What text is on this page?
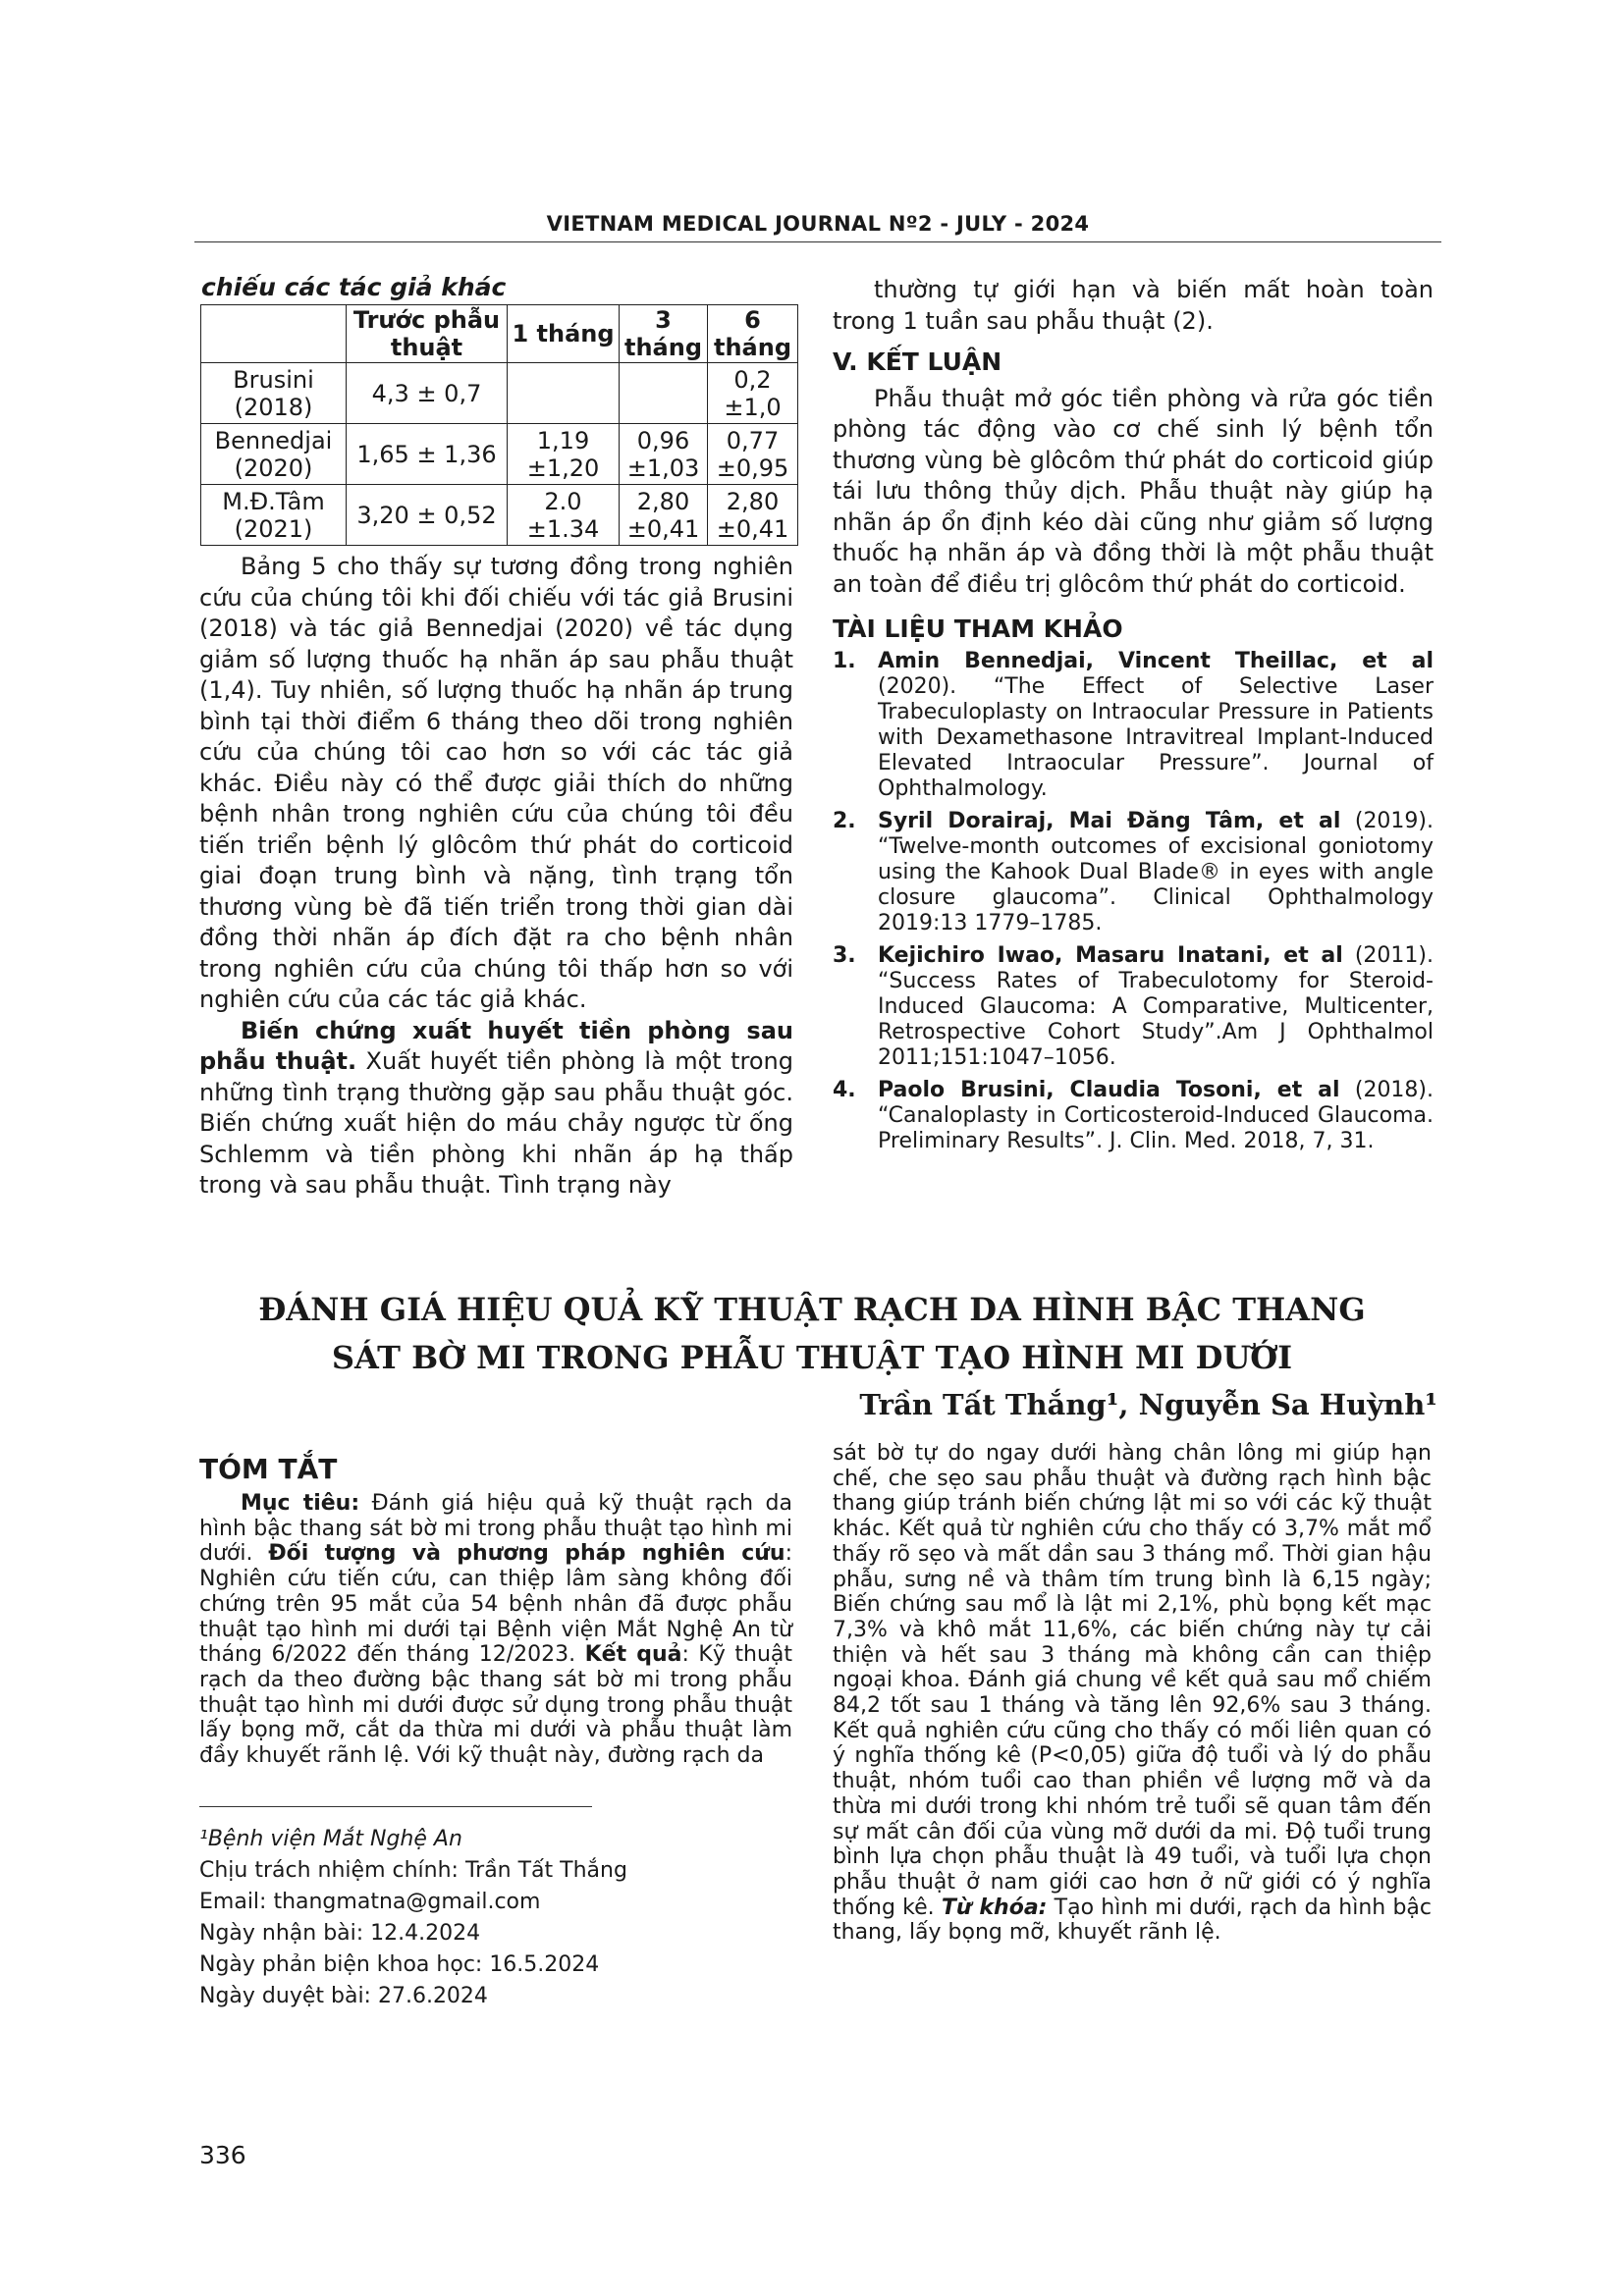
VIETNAM MEDICAL JOURNAL Nº2 - JULY - 2024
chiếu các tác giả khác
	Trước phẫu thuật	1 tháng	3 tháng	6 tháng
Brusini (2018)	4,3 ± 0,7			0,2 ±1,0
Bennedjai (2020)	1,65 ± 1,36	1,19 ±1,20	0,96 ±1,03	0,77 ±0,95
M.Đ.Tâm (2021)	3,20 ± 0,52	2.0 ±1.34	2,80 ±0,41	2,80 ±0,41

Bảng 5 cho thấy sự tương đồng trong nghiên cứu của chúng tôi khi đối chiếu với tác giả Brusini (2018) và tác giả Bennedjai (2020) về tác dụng giảm số lượng thuốc hạ nhãn áp sau phẫu thuật (1,4). Tuy nhiên, số lượng thuốc hạ nhãn áp trung bình tại thời điểm 6 tháng theo dõi trong nghiên cứu của chúng tôi cao hơn so với các tác giả khác. Điều này có thể được giải thích do những bệnh nhân trong nghiên cứu của chúng tôi đều tiến triển bệnh lý glôcôm thứ phát do corticoid giai đoạn trung bình và nặng, tình trạng tổn thương vùng bè đã tiến triển trong thời gian dài đồng thời nhãn áp đích đặt ra cho bệnh nhân trong nghiên cứu của chúng tôi thấp hơn so với nghiên cứu của các tác giả khác.

Biến chứng xuất huyết tiền phòng sau phẫu thuật. Xuất huyết tiền phòng là một trong những tình trạng thường gặp sau phẫu thuật góc. Biến chứng xuất hiện do máu chảy ngược từ ống Schlemm và tiền phòng khi nhãn áp hạ thấp trong và sau phẫu thuật. Tình trạng này

thường tự giới hạn và biến mất hoàn toàn trong 1 tuần sau phẫu thuật (2).

V. KẾT LUẬN

Phẫu thuật mở góc tiền phòng và rửa góc tiền phòng tác động vào cơ chế sinh lý bệnh tổn thương vùng bè glôcôm thứ phát do corticoid giúp tái lưu thông thủy dịch. Phẫu thuật này giúp hạ nhãn áp ổn định kéo dài cũng như giảm số lượng thuốc hạ nhãn áp và đồng thời là một phẫu thuật an toàn để điều trị glôcôm thứ phát do corticoid.

TÀI LIỆU THAM KHẢO
1. Amin Bennedjai, Vincent Theillac, et al (2020). “The Effect of Selective Laser Trabeculoplasty on Intraocular Pressure in Patients with Dexamethasone Intravitreal Implant-Induced Elevated Intraocular Pressure”. Journal of Ophthalmology.
2. Syril Dorairaj, Mai Đăng Tâm, et al (2019). “Twelve-month outcomes of excisional goniotomy using the Kahook Dual Blade® in eyes with angle closure glaucoma”. Clinical Ophthalmology 2019:13 1779–1785.
3. Kejichiro Iwao, Masaru Inatani, et al (2011). “Success Rates of Trabeculotomy for Steroid-Induced Glaucoma: A Comparative, Multicenter, Retrospective Cohort Study”.Am J Ophthalmol 2011;151:1047–1056.
4. Paolo Brusini, Claudia Tosoni, et al (2018). “Canaloplasty in Corticosteroid-Induced Glaucoma. Preliminary Results”. J. Clin. Med. 2018, 7, 31.
ĐÁNH GIÁ HIỆU QUẢ KỸ THUẬT RẠCH DA HÌNH BẬC THANG
SÁT BỜ MI TRONG PHẪU THUẬT TẠO HÌNH MI DƯỚI
Trần Tất Thắng¹, Nguyễn Sa Huỳnh¹
TÓM TẮT

Mục tiêu: Đánh giá hiệu quả kỹ thuật rạch da hình bậc thang sát bờ mi trong phẫu thuật tạo hình mi dưới. Đối tượng và phương pháp nghiên cứu: Nghiên cứu tiến cứu, can thiệp lâm sàng không đối chứng trên 95 mắt của 54 bệnh nhân đã được phẫu thuật tạo hình mi dưới tại Bệnh viện Mắt Nghệ An từ tháng 6/2022 đến tháng 12/2023. Kết quả: Kỹ thuật rạch da theo đường bậc thang sát bờ mi trong phẫu thuật tạo hình mi dưới được sử dụng trong phẫu thuật lấy bọng mỡ, cắt da thừa mi dưới và phẫu thuật làm đầy khuyết rãnh lệ. Với kỹ thuật này, đường rạch da

sát bờ tự do ngay dưới hàng chân lông mi giúp hạn chế, che sẹo sau phẫu thuật và đường rạch hình bậc thang giúp tránh biến chứng lật mi so với các kỹ thuật khác. Kết quả từ nghiên cứu cho thấy có 3,7% mắt mổ thấy rõ sẹo và mất dần sau 3 tháng mổ. Thời gian hậu phẫu, sưng nề và thâm tím trung bình là 6,15 ngày; Biến chứng sau mổ là lật mi 2,1%, phù bọng kết mạc 7,3% và khô mắt 11,6%, các biến chứng này tự cải thiện và hết sau 3 tháng mà không cần can thiệp ngoại khoa. Đánh giá chung về kết quả sau mổ chiếm 84,2 tốt sau 1 tháng và tăng lên 92,6% sau 3 tháng. Kết quả nghiên cứu cũng cho thấy có mối liên quan có ý nghĩa thống kê (P<0,05) giữa độ tuổi và lý do phẫu thuật, nhóm tuổi cao than phiền về lượng mỡ và da thừa mi dưới trong khi nhóm trẻ tuổi sẽ quan tâm đến sự mất cân đối của vùng mỡ dưới da mi. Độ tuổi trung bình lựa chọn phẫu thuật là 49 tuổi, và tuổi lựa chọn phẫu thuật ở nam giới cao hơn ở nữ giới có ý nghĩa thống kê. Từ khóa: Tạo hình mi dưới, rạch da hình bậc thang, lấy bọng mỡ, khuyết rãnh lệ.

¹Bệnh viện Mắt Nghệ An
Chịu trách nhiệm chính: Trần Tất Thắng
Email: thangmatna@gmail.com
Ngày nhận bài: 12.4.2024
Ngày phản biện khoa học: 16.5.2024
Ngày duyệt bài: 27.6.2024
336
